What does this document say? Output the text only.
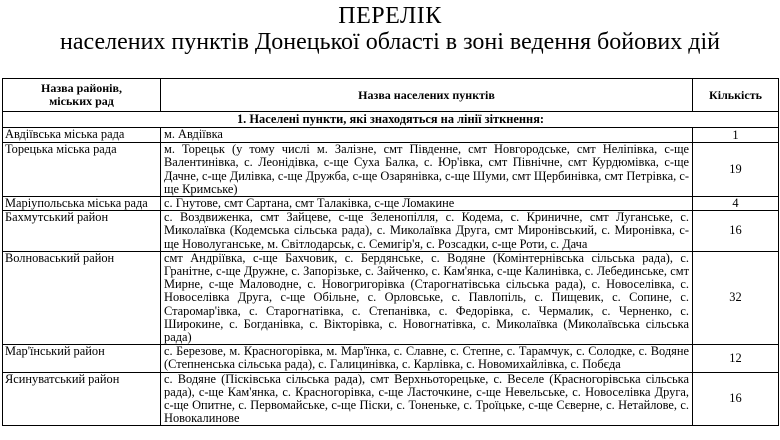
ПЕРЕЛІК
населених пунктів Донецької області в зоні ведення бойових дій
Назва районів,
міських рад	Назва населених пунктів	Кількість
1. Населені пункти, які знаходяться на лінії зіткнення:		
Авдіївська міська рада	м. Авдіївка	1
Торецька міська рада	м. Торецьк (у тому числі м. Залізне, смт Південне, смт Новгородське, смт Неліпівка, с-ще Валентинівка, с. Леонідівка, с-ще Суха Балка, с. Юр'івка, смт Північне, смт Курдюмівка, с-ще Дачне, с-ще Дилівка, с-ще Дружба, с-ще Озарянівка, с-ще Шуми, смт Щербинівка, смт Петрівка, с-ще Кримське)	19
Маріупольська міська рада	с. Гнутове, смт Сартана, смт Талаківка, с-ще Ломакине	4
Бахмутський район	с. Воздвиженка, смт Зайцеве, с-ще Зеленопілля, с. Кодема, с. Криничне, смт Луганське, с. Миколаївка (Кодемська сільська рада), с. Миколаївка Друга, смт Миронівський, с. Миронівка, с-ще Новолуганське, м. Світлодарськ, с. Семигір'я, с. Розсадки, с-ще Роти, с. Дача	16
Волноваський район	смт Андріївка, с-ще Бахчовик, с. Бердянське, с. Водяне (Комінтернівська сільська рада), с. Гранітне, с-ще Дружне, с. Запорізьке, с. Зайченко, с. Кам'янка, с-ще Калинівка, с. Лебединське, смт Мирне, с-ще Маловодне, с. Новогригорівка (Старогнатівська сільська рада), с. Новоселівка, с. Новоселівка Друга, с-ще Обільне, с. Орловське, с. Павлопіль, с. Пищевик, с. Сопине, с. Старомар'івка, с. Старогнатівка, с. Степанівка, с. Федорівка, с. Чермалик, с. Черненко, с. Широкине, с. Богданівка, с. Вікторівка, с. Новогнатівка, с. Миколаївка (Миколаївська сільська рада)	32
Мар'їнський район	с. Березове, м. Красногорівка, м. Мар'їнка, с. Славне, с. Степне, с. Тарамчук, с. Солодке, с. Водяне (Степненська сільська рада), с. Галицинівка, с. Карлівка, с. Новомихайлівка, с. Побєда	12
Ясинуватський район	с. Водяне (Пісківська сільська рада), смт Верхньоторецьке, с. Веселе (Красногорівська сільська рада), с-ще Кам'янка, с. Красногорівка, с-ще Ласточкине, с-ще Невельське, с. Новоселівка Друга, с-ще Опитне, с. Первомайське, с-ще Піски, с. Тоненьке, с. Троїцьке, с-ще Сєверне, с. Нетайлове, с. Новокалинове	16
